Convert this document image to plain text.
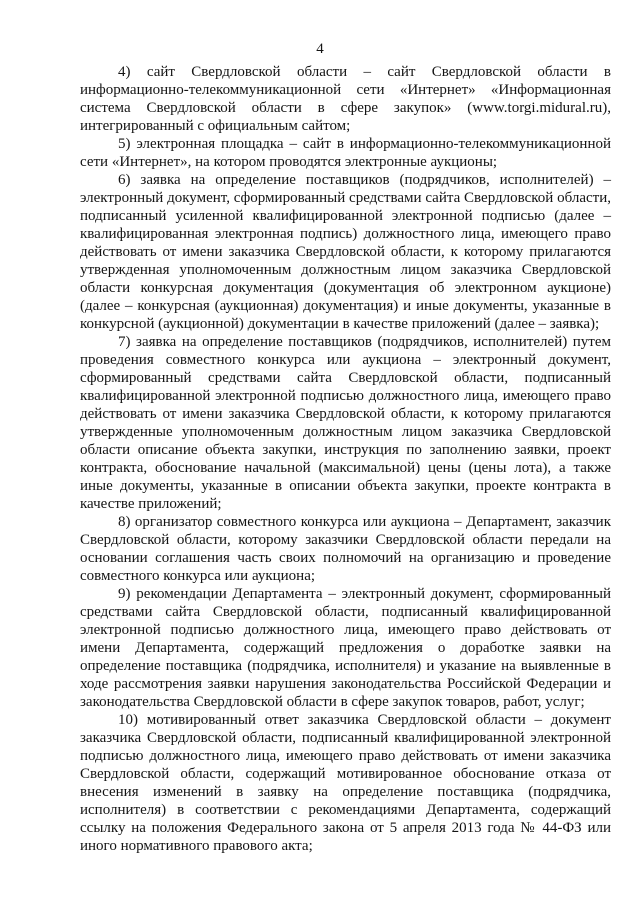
4

4) сайт Свердловской области – сайт Свердловской области в информационно-телекоммуникационной сети «Интернет» «Информационная система Свердловской области в сфере закупок» (www.torgi.midural.ru), интегрированный с официальным сайтом;

5) электронная площадка – сайт в информационно-телекоммуникационной сети «Интернет», на котором проводятся электронные аукционы;

6) заявка на определение поставщиков (подрядчиков, исполнителей) – электронный документ, сформированный средствами сайта Свердловской области, подписанный усиленной квалифицированной электронной подписью (далее – квалифицированная электронная подпись) должностного лица, имеющего право действовать от имени заказчика Свердловской области, к которому прилагаются утвержденная уполномоченным должностным лицом заказчика Свердловской области конкурсная документация (документация об электронном аукционе) (далее – конкурсная (аукционная) документация) и иные документы, указанные в конкурсной (аукционной) документации в качестве приложений (далее – заявка);

7) заявка на определение поставщиков (подрядчиков, исполнителей) путем проведения совместного конкурса или аукциона – электронный документ, сформированный средствами сайта Свердловской области, подписанный квалифицированной электронной подписью должностного лица, имеющего право действовать от имени заказчика Свердловской области, к которому прилагаются утвержденные уполномоченным должностным лицом заказчика Свердловской области описание объекта закупки, инструкция по заполнению заявки, проект контракта, обоснование начальной (максимальной) цены (цены лота), а также иные документы, указанные в описании объекта закупки, проекте контракта в качестве приложений;

8) организатор совместного конкурса или аукциона – Департамент, заказчик Свердловской области, которому заказчики Свердловской области передали на основании соглашения часть своих полномочий на организацию и проведение совместного конкурса или аукциона;

9) рекомендации Департамента – электронный документ, сформированный средствами сайта Свердловской области, подписанный квалифицированной электронной подписью должностного лица, имеющего право действовать от имени Департамента, содержащий предложения о доработке заявки на определение поставщика (подрядчика, исполнителя) и указание на выявленные в ходе рассмотрения заявки нарушения законодательства Российской Федерации и законодательства Свердловской области в сфере закупок товаров, работ, услуг;

10) мотивированный ответ заказчика Свердловской области – документ заказчика Свердловской области, подписанный квалифицированной электронной подписью должностного лица, имеющего право действовать от имени заказчика Свердловской области, содержащий мотивированное обоснование отказа от внесения изменений в заявку на определение поставщика (подрядчика, исполнителя) в соответствии с рекомендациями Департамента, содержащий ссылку на положения Федерального закона от 5 апреля 2013 года № 44-ФЗ или иного нормативного правового акта;
